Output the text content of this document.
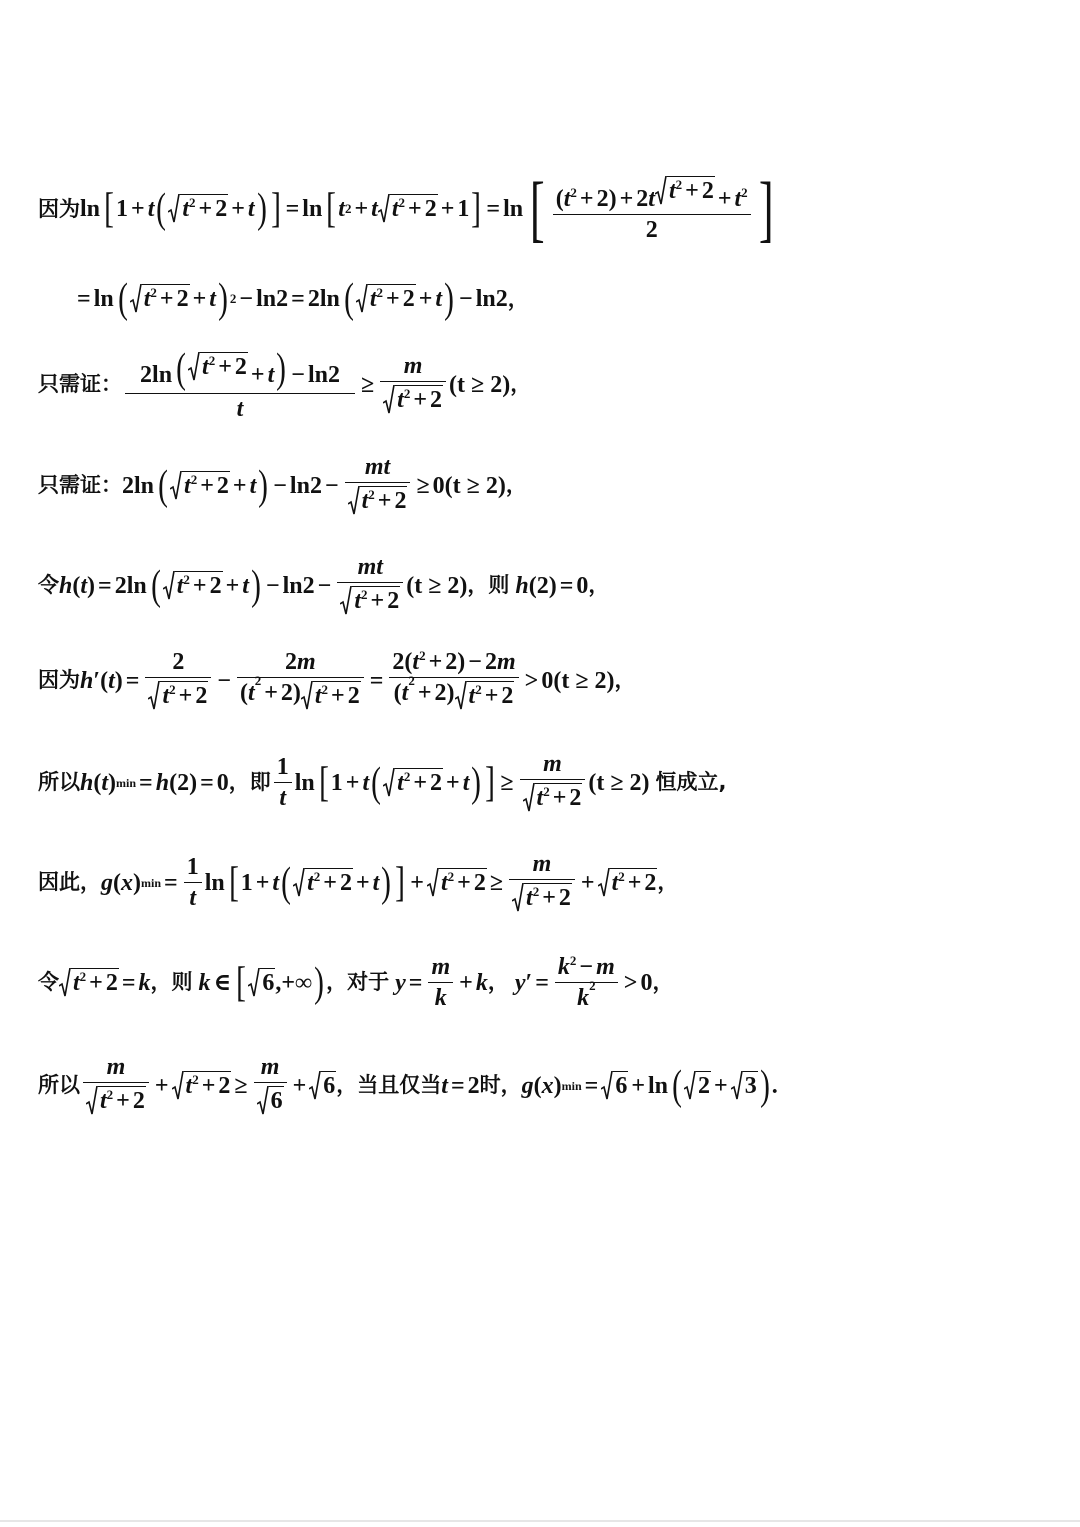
因为 ln [ 1 + t ( $t^2 + 2 + t$ ) ] = ln [ t 2 + t $t^2 + 2 + 1$ ] = ln [ $\frac{(t^2 + 2) + 2t t^2 + 2 + t^2}{2}$ ]
= ln ( $t^2 + 2 + t$ ) 2 − ln2 = 2 ln ( $t^2 + 2 + t$ ) − ln2 ，
只需证： $\frac{2\ln( t^2 + 2 + t) - \ln 2}{t} \ge \frac{m}{t^2 + 2} (t \ge 2)$ ，
只需证： 2 ln ( $t^2 + 2 + t$ ) − $\ln 2 - \frac{mt}{t^2 + 2} \ge 0$ (t ≥ 2) ，
令 h ( t ) = 2 ln ( $t^2 + 2 + t$ ) − $\ln 2 - \frac{mt}{t^2 + 2} (t \ge 2)$ ， 则
h (2) = 0 ，
因为 h ′( t ) = $\frac{2}{t^2 + 2} - \frac{2m}{( t 2 + 2) t^2 + 2} = \frac{2(t^2 + 2) - 2m}{( t 2 + 2) t^2 + 2} > 0$ (t ≥ 2) ，
所以 h ( t ) min = h (2) = 0 ， 即 $\frac{1}{t}$ ln [ 1 + t ( $t^2 + 2 + t$ ) ] ≥ $\frac{m}{t^2 + 2} (t \ge 2)$
恒成立,
因此， g ( x ) $\min = \frac{1}{t}$ ln [ 1 + t ( $t^2 + 2 + t$ ) ] + $t^2 + 2 \ge \frac{m}{t^2 + 2} + t^2 + 2$ ，
令 $t^2 + 2 = k$ ， 则
k ∈ [ 6 ,+∞ ) ， 对于
$y = \frac{m}{k} + k$ ，
y ′ = $\frac{k^2 - m}{k 2} > 0$ ，
所以 $\frac{m}{t^2 + 2} + t^2 + 2 \ge \frac{m}{6} + 6$ ， 当且仅当 t = 2 时， g ( x ) min = 6 + ln ( 2 + 3 ) .
